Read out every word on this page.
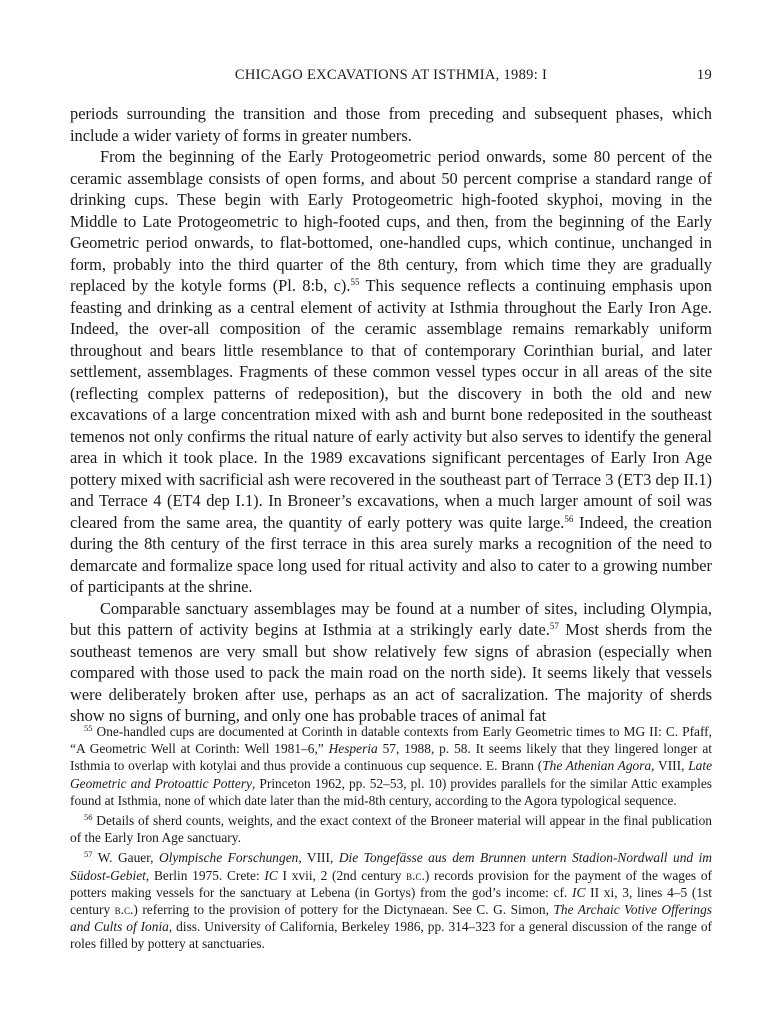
CHICAGO EXCAVATIONS AT ISTHMIA, 1989: I	19

periods surrounding the transition and those from preceding and subsequent phases, which include a wider variety of forms in greater numbers.

From the beginning of the Early Protogeometric period onwards, some 80 percent of the ceramic assemblage consists of open forms, and about 50 percent comprise a standard range of drinking cups. These begin with Early Protogeometric high-footed skyphoi, moving in the Middle to Late Protogeometric to high-footed cups, and then, from the beginning of the Early Geometric period onwards, to flat-bottomed, one-handled cups, which continue, unchanged in form, probably into the third quarter of the 8th century, from which time they are gradually replaced by the kotyle forms (Pl. 8:b, c).$^{55}$ This sequence reflects a continuing emphasis upon feasting and drinking as a central element of activity at Isthmia throughout the Early Iron Age. Indeed, the over-all composition of the ceramic assemblage remains remarkably uniform throughout and bears little resemblance to that of contemporary Corinthian burial, and later settlement, assemblages. Fragments of these common vessel types occur in all areas of the site (reflecting complex patterns of redeposition), but the discovery in both the old and new excavations of a large concentration mixed with ash and burnt bone redeposited in the southeast temenos not only confirms the ritual nature of early activity but also serves to identify the general area in which it took place. In the 1989 excavations significant percentages of Early Iron Age pottery mixed with sacrificial ash were recovered in the southeast part of Terrace 3 (ET3 dep II.1) and Terrace 4 (ET4 dep I.1). In Broneer’s excavations, when a much larger amount of soil was cleared from the same area, the quantity of early pottery was quite large.$^{56}$ Indeed, the creation during the 8th century of the first terrace in this area surely marks a recognition of the need to demarcate and formalize space long used for ritual activity and also to cater to a growing number of participants at the shrine.

Comparable sanctuary assemblages may be found at a number of sites, including Olympia, but this pattern of activity begins at Isthmia at a strikingly early date.$^{57}$ Most sherds from the southeast temenos are very small but show relatively few signs of abrasion (especially when compared with those used to pack the main road on the north side). It seems likely that vessels were deliberately broken after use, perhaps as an act of sacralization. The majority of sherds show no signs of burning, and only one has probable traces of animal fat

$^{55}$ One-handled cups are documented at Corinth in datable contexts from Early Geometric times to MG II: C. Pfaff, “A Geometric Well at Corinth: Well 1981–6,” Hesperia 57, 1988, p. 58. It seems likely that they lingered longer at Isthmia to overlap with kotylai and thus provide a continuous cup sequence. E. Brann (The Athenian Agora, VIII, Late Geometric and Protoattic Pottery, Princeton 1962, pp. 52–53, pl. 10) provides parallels for the similar Attic examples found at Isthmia, none of which date later than the mid-8th century, according to the Agora typological sequence.

$^{56}$ Details of sherd counts, weights, and the exact context of the Broneer material will appear in the final publication of the Early Iron Age sanctuary.

$^{57}$ W. Gauer, Olympische Forschungen, VIII, Die Tongefässe aus dem Brunnen untern Stadion-Nordwall und im Südost-Gebiet, Berlin 1975. Crete: IC I xvii, 2 (2nd century b.c.) records provision for the payment of the wages of potters making vessels for the sanctuary at Lebena (in Gortys) from the god’s income: cf. IC II xi, 3, lines 4–5 (1st century b.c.) referring to the provision of pottery for the Dictynaean. See C. G. Simon, The Archaic Votive Offerings and Cults of Ionia, diss. University of California, Berkeley 1986, pp. 314–323 for a general discussion of the range of roles filled by pottery at sanctuaries.
